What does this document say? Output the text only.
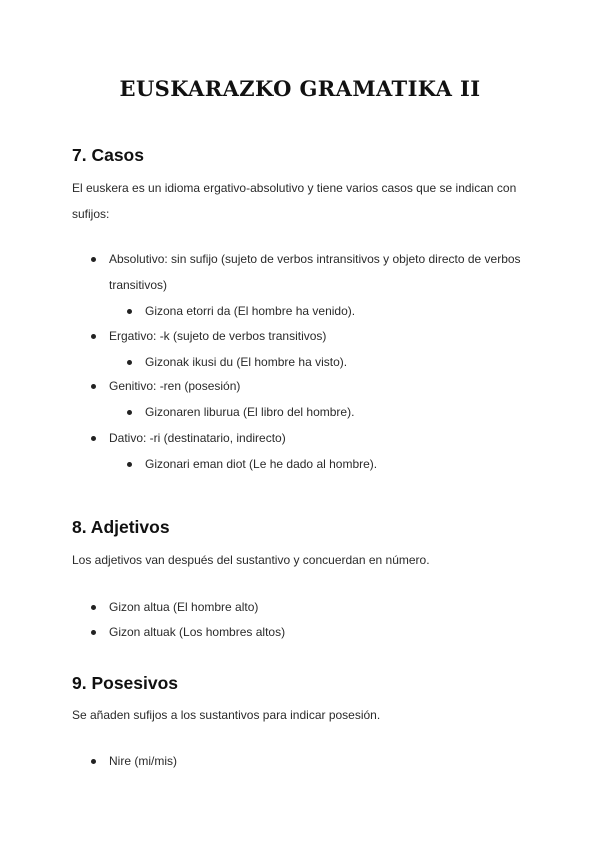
EUSKARAZKO GRAMATIKA II
7. Casos
El euskera es un idioma ergativo-absolutivo y tiene varios casos que se indican con sufijos:
Absolutivo: sin sufijo (sujeto de verbos intransitivos y objeto directo de verbos transitivos)
Gizona etorri da (El hombre ha venido).
Ergativo: -k (sujeto de verbos transitivos)
Gizonak ikusi du (El hombre ha visto).
Genitivo: -ren (posesión)
Gizonaren liburua (El libro del hombre).
Dativo: -ri (destinatario, indirecto)
Gizonari eman diot (Le he dado al hombre).
8. Adjetivos
Los adjetivos van después del sustantivo y concuerdan en número.
Gizon altua (El hombre alto)
Gizon altuak (Los hombres altos)
9. Posesivos
Se añaden sufijos a los sustantivos para indicar posesión.
Nire (mi/mis)
